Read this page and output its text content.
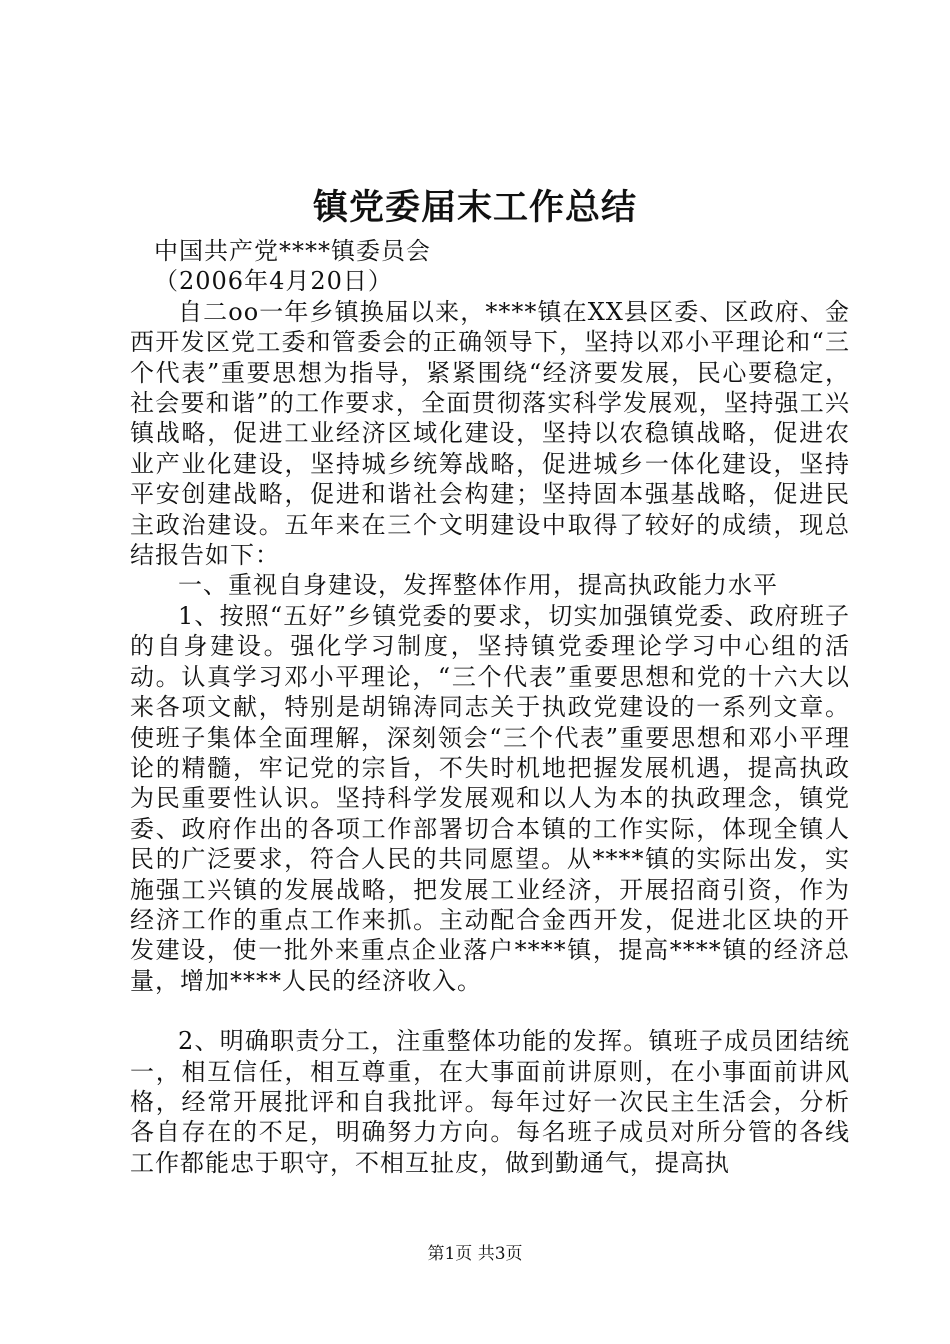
镇党委届末工作总结

中国共产党****镇委员会

（2006年4月20日）

自二oo一年乡镇换届以来，****镇在XX县区委、区政府、金西开发区党工委和管委会的正确领导下，坚持以邓小平理论和“三个代表”重要思想为指导，紧紧围绕“经济要发展，民心要稳定，社会要和谐”的工作要求，全面贯彻落实科学发展观，坚持强工兴镇战略，促进工业经济区域化建设，坚持以农稳镇战略，促进农业产业化建设，坚持城乡统筹战略，促进城乡一体化建设，坚持平安创建战略，促进和谐社会构建；坚持固本强基战略，促进民主政治建设。五年来在三个文明建设中取得了较好的成绩，现总结报告如下：

一、重视自身建设，发挥整体作用，提高执政能力水平

1、按照“五好”乡镇党委的要求，切实加强镇党委、政府班子的自身建设。强化学习制度，坚持镇党委理论学习中心组的活动。认真学习邓小平理论，“三个代表”重要思想和党的十六大以来各项文献，特别是胡锦涛同志关于执政党建设的一系列文章。使班子集体全面理解，深刻领会“三个代表”重要思想和邓小平理论的精髓，牢记党的宗旨，不失时机地把握发展机遇，提高执政为民重要性认识。坚持科学发展观和以人为本的执政理念，镇党委、政府作出的各项工作部署切合本镇的工作实际，体现全镇人民的广泛要求，符合人民的共同愿望。从****镇的实际出发，实施强工兴镇的发展战略，把发展工业经济，开展招商引资，作为经济工作的重点工作来抓。主动配合金西开发，促进北区块的开发建设，使一批外来重点企业落户****镇，提高****镇的经济总量，增加****人民的经济收入。

2、明确职责分工，注重整体功能的发挥。镇班子成员团结统一，相互信任，相互尊重，在大事面前讲原则，在小事面前讲风格，经常开展批评和自我批评。每年过好一次民主生活会，分析各自存在的不足，明确努力方向。每名班子成员对所分管的各线工作都能忠于职守，不相互扯皮，做到勤通气，提高执

第1页 共3页
